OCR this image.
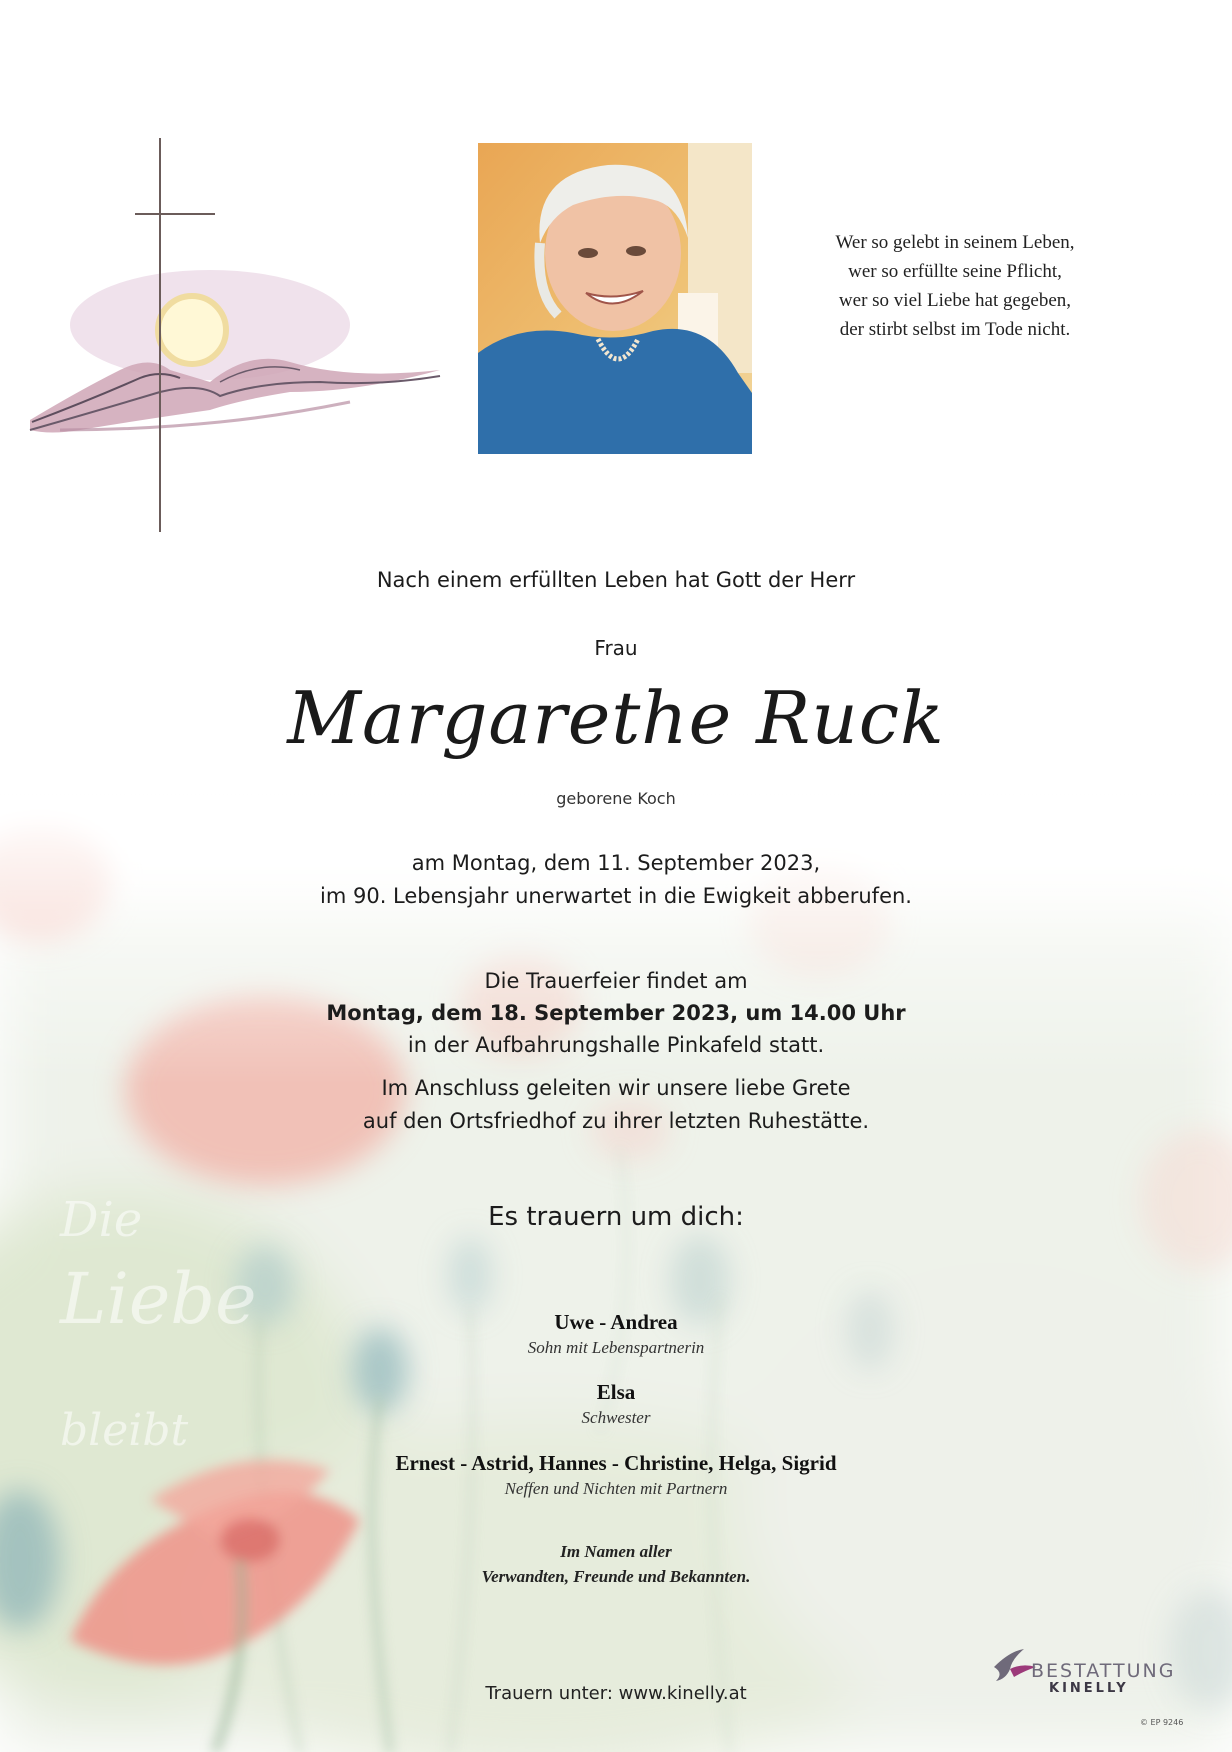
Die
Liebe
bleibt
Wer so gelebt in seinem Leben,
wer so erfüllte seine Pflicht,
wer so viel Liebe hat gegeben,
der stirbt selbst im Tode nicht.
Nach einem erfüllten Leben hat Gott der Herr
Frau
Margarethe Ruck
geborene Koch
am Montag, dem 11. September 2023,
im 90. Lebensjahr unerwartet in die Ewigkeit abberufen.
Die Trauerfeier findet am
Montag, dem 18. September 2023, um 14.00 Uhr
in der Aufbahrungshalle Pinkafeld statt.
Im Anschluss geleiten wir unsere liebe Grete
auf den Ortsfriedhof zu ihrer letzten Ruhestätte.
Es trauern um dich:
Uwe - Andrea
Sohn mit Lebenspartnerin
Elsa
Schwester
Ernest - Astrid, Hannes - Christine, Helga, Sigrid
Neffen und Nichten mit Partnern
Im Namen aller
Verwandten, Freunde und Bekannten.
Trauern unter: www.kinelly.at
BESTATTUNG
KINELLY
© EP 9246
